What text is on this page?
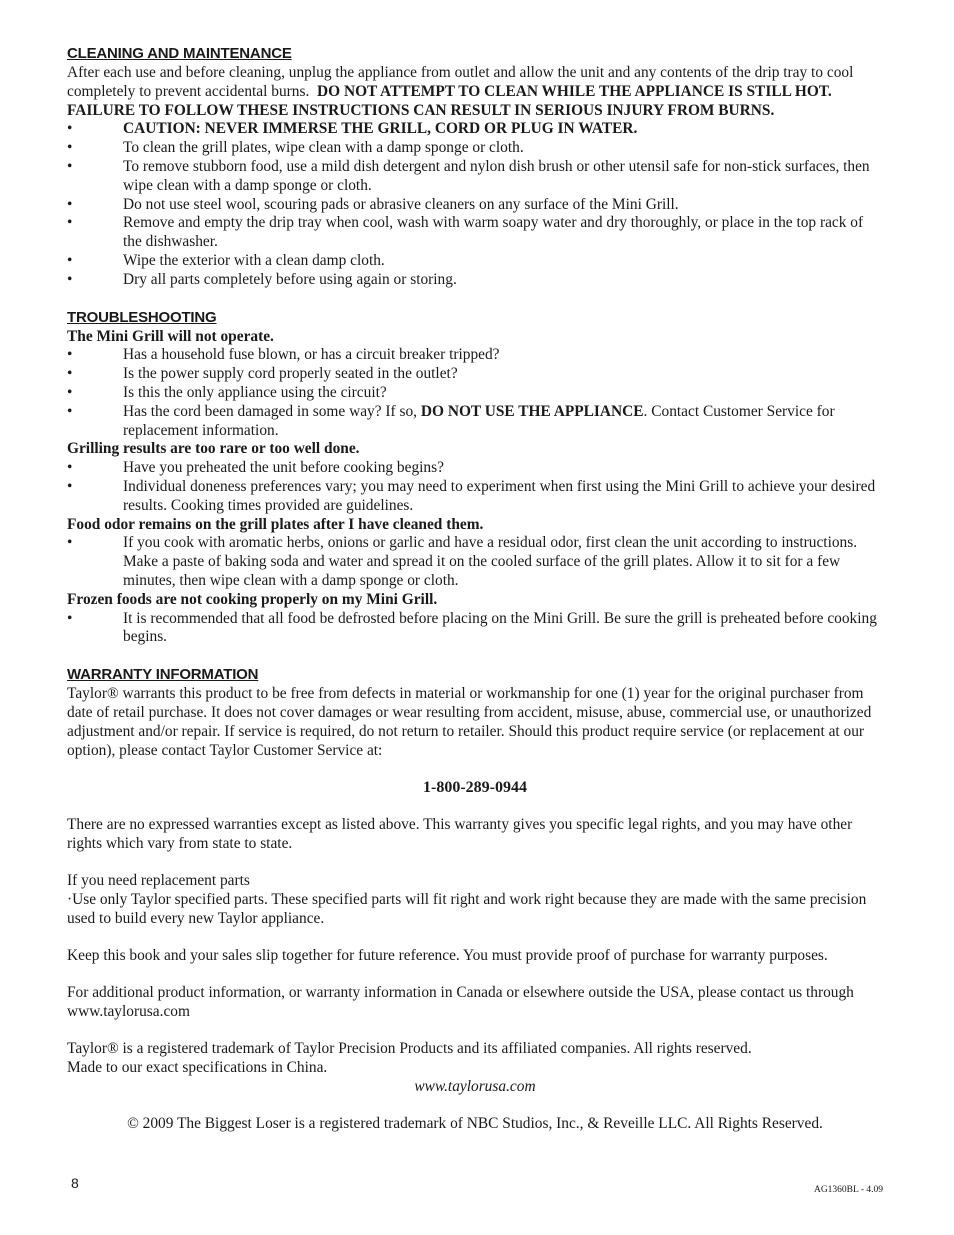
CLEANING AND MAINTENANCE

After each use and before cleaning, unplug the appliance from outlet and allow the unit and any contents of the drip tray to cool completely to prevent accidental burns. DO NOT ATTEMPT TO CLEAN WHILE THE APPLIANCE IS STILL HOT. FAILURE TO FOLLOW THESE INSTRUCTIONS CAN RESULT IN SERIOUS INJURY FROM BURNS.

•	CAUTION: NEVER IMMERSE THE GRILL, CORD OR PLUG IN WATER.
•	To clean the grill plates, wipe clean with a damp sponge or cloth.
•	To remove stubborn food, use a mild dish detergent and nylon dish brush or other utensil safe for non-stick surfaces, then wipe clean with a damp sponge or cloth.
•	Do not use steel wool, scouring pads or abrasive cleaners on any surface of the Mini Grill.
•	Remove and empty the drip tray when cool, wash with warm soapy water and dry thoroughly, or place in the top rack of the dishwasher.
•	Wipe the exterior with a clean damp cloth.
•	Dry all parts completely before using again or storing.
TROUBLESHOOTING

The Mini Grill will not operate.

•	Has a household fuse blown, or has a circuit breaker tripped?
•	Is the power supply cord properly seated in the outlet?
•	Is this the only appliance using the circuit?
•	Has the cord been damaged in some way? If so, DO NOT USE THE APPLIANCE. Contact Customer Service for replacement information.

Grilling results are too rare or too well done.

•	Have you preheated the unit before cooking begins?
•	Individual doneness preferences vary; you may need to experiment when first using the Mini Grill to achieve your desired results. Cooking times provided are guidelines.

Food odor remains on the grill plates after I have cleaned them.

•	If you cook with aromatic herbs, onions or garlic and have a residual odor, first clean the unit according to instructions. Make a paste of baking soda and water and spread it on the cooled surface of the grill plates. Allow it to sit for a few minutes, then wipe clean with a damp sponge or cloth.

Frozen foods are not cooking properly on my Mini Grill.

•	It is recommended that all food be defrosted before placing on the Mini Grill. Be sure the grill is preheated before cooking begins.
WARRANTY INFORMATION

Taylor® warrants this product to be free from defects in material or workmanship for one (1) year for the original purchaser from date of retail purchase. It does not cover damages or wear resulting from accident, misuse, abuse, commercial use, or unauthorized adjustment and/or repair. If service is required, do not return to retailer. Should this product require service (or replacement at our option), please contact Taylor Customer Service at:

1-800-289-0944

There are no expressed warranties except as listed above. This warranty gives you specific legal rights, and you may have other rights which vary from state to state.

If you need replacement parts

·Use only Taylor specified parts. These specified parts will fit right and work right because they are made with the same precision used to build every new Taylor appliance.

Keep this book and your sales slip together for future reference. You must provide proof of purchase for warranty purposes.

For additional product information, or warranty information in Canada or elsewhere outside the USA, please contact us through www.taylorusa.com

Taylor® is a registered trademark of Taylor Precision Products and its affiliated companies. All rights reserved.

Made to our exact specifications in China.

www.taylorusa.com

© 2009 The Biggest Loser is a registered trademark of NBC Studios, Inc., & Reveille LLC. All Rights Reserved.

8	AG1360BL - 4.09
